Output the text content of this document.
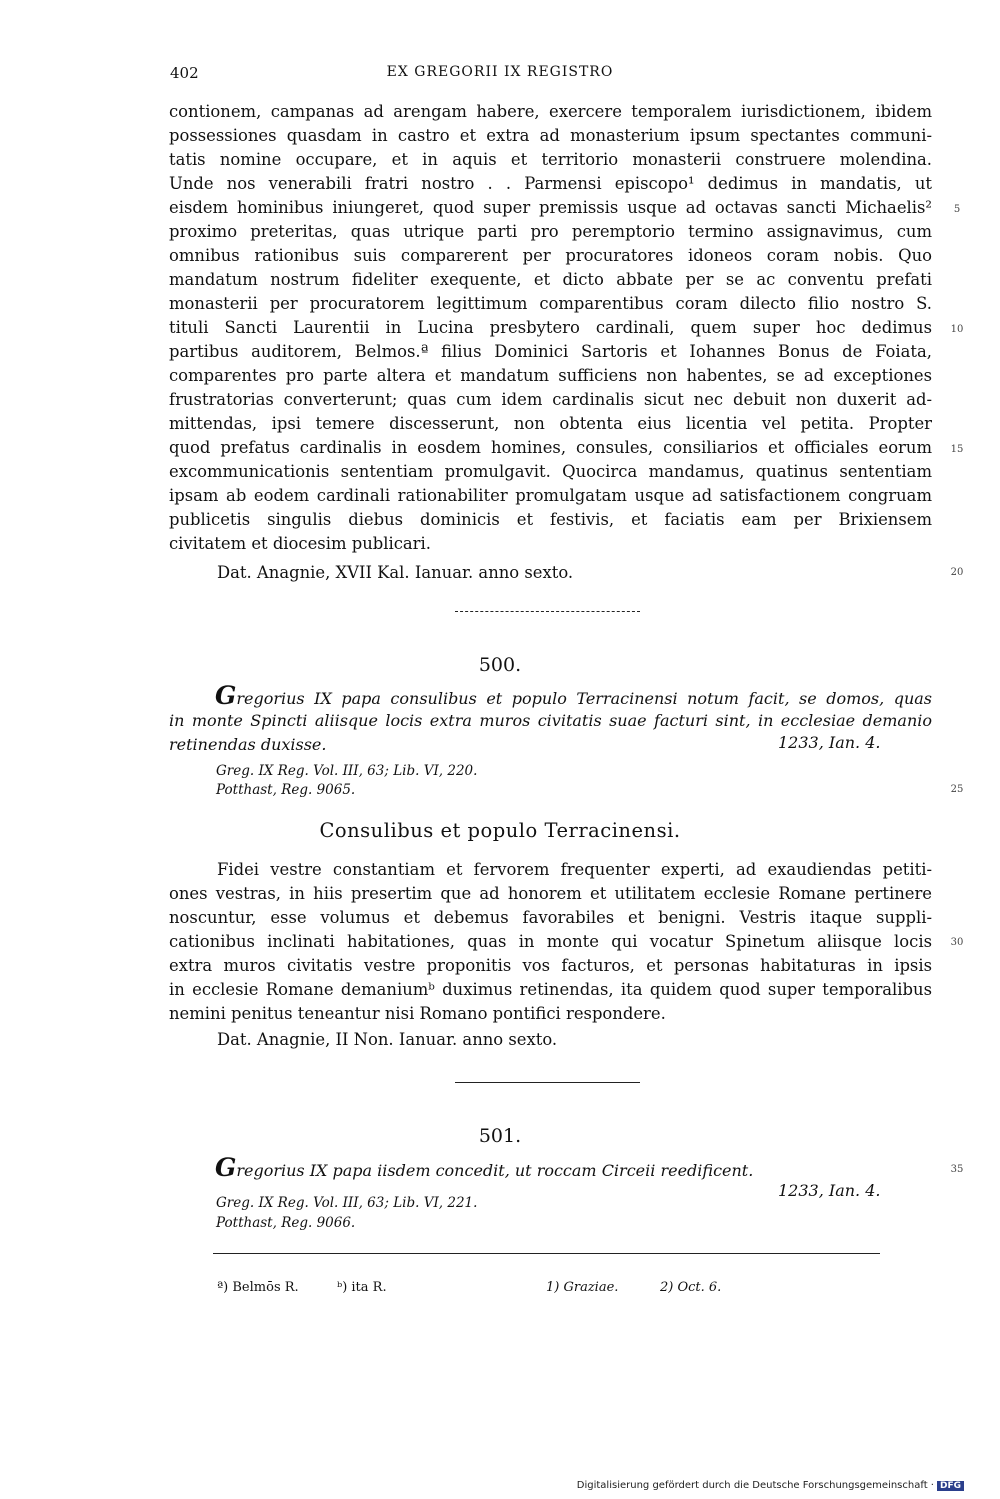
402	EX GREGORII IX REGISTRO
contionem, campanas ad arengam habere, exercere temporalem iurisdictionem, ibidem
possessiones quasdam in castro et extra ad monasterium ipsum spectantes communi-
tatis nomine occupare, et in aquis et territorio monasterii construere molendina.
Unde nos venerabili fratri nostro . . Parmensi episcopo¹ dedimus in mandatis, ut
eisdem hominibus iniungeret, quod super premissis usque ad octavas sancti Michaelis²
proximo preteritas, quas utrique parti pro peremptorio termino assignavimus, cum
omnibus rationibus suis comparerent per procuratores idoneos coram nobis. Quo
mandatum nostrum fideliter exequente, et dicto abbate per se ac conventu prefati
monasterii per procuratorem legittimum comparentibus coram dilecto filio nostro S.
tituli Sancti Laurentii in Lucina presbytero cardinali, quem super hoc dedimus
partibus auditorem, Belmos.ª filius Dominici Sartoris et Iohannes Bonus de Foiata,
comparentes pro parte altera et mandatum sufficiens non habentes, se ad exceptiones
frustratorias converterunt; quas cum idem cardinalis sicut nec debuit non duxerit ad-
mittendas, ipsi temere discesserunt, non obtenta eius licentia vel petita. Propter
quod prefatus cardinalis in eosdem homines, consules, consiliarios et officiales eorum
excommunicationis sententiam promulgavit. Quocirca mandamus, quatinus sententiam
ipsam ab eodem cardinali rationabiliter promulgatam usque ad satisfactionem congruam
publicetis singulis diebus dominicis et festivis, et faciatis eam per Brixiensem
civitatem et diocesim publicari.
Dat. Anagnie, XVII Kal. Ianuar. anno sexto.
5
10
15
20
25
30
35
500.
Gregorius IX papa consulibus et populo Terracinensi notum facit, se domos, quas
in monte Spincti aliisque locis extra muros civitatis suae facturi sint, in ecclesiae demanio
retinendas duxisse.	1233, Ian. 4.
Greg. IX Reg. Vol. III, 63; Lib. VI, 220.
Potthast, Reg. 9065.
Consulibus et populo Terracinensi.
Fidei vestre constantiam et fervorem frequenter experti, ad exaudiendas petiti-
ones vestras, in hiis presertim que ad honorem et utilitatem ecclesie Romane pertinere
noscuntur, esse volumus et debemus favorabiles et benigni. Vestris itaque suppli-
cationibus inclinati habitationes, quas in monte qui vocatur Spinetum aliisque locis
extra muros civitatis vestre proponitis vos facturos, et personas habitaturas in ipsis
in ecclesie Romane demaniumᵇ duximus retinendas, ita quidem quod super temporalibus
nemini penitus teneantur nisi Romano pontifici respondere.
Dat. Anagnie, II Non. Ianuar. anno sexto.
501.
Gregorius IX papa iisdem concedit, ut roccam Circeii reedificent.
1233, Ian. 4.
Greg. IX Reg. Vol. III, 63; Lib. VI, 221.
Potthast, Reg. 9066.
ª) Belmōs R.	ᵇ) ita R.	1) Graziae.	2) Oct. 6.
Digitalisierung gefördert durch die Deutsche Forschungsgemeinschaft · DFG
